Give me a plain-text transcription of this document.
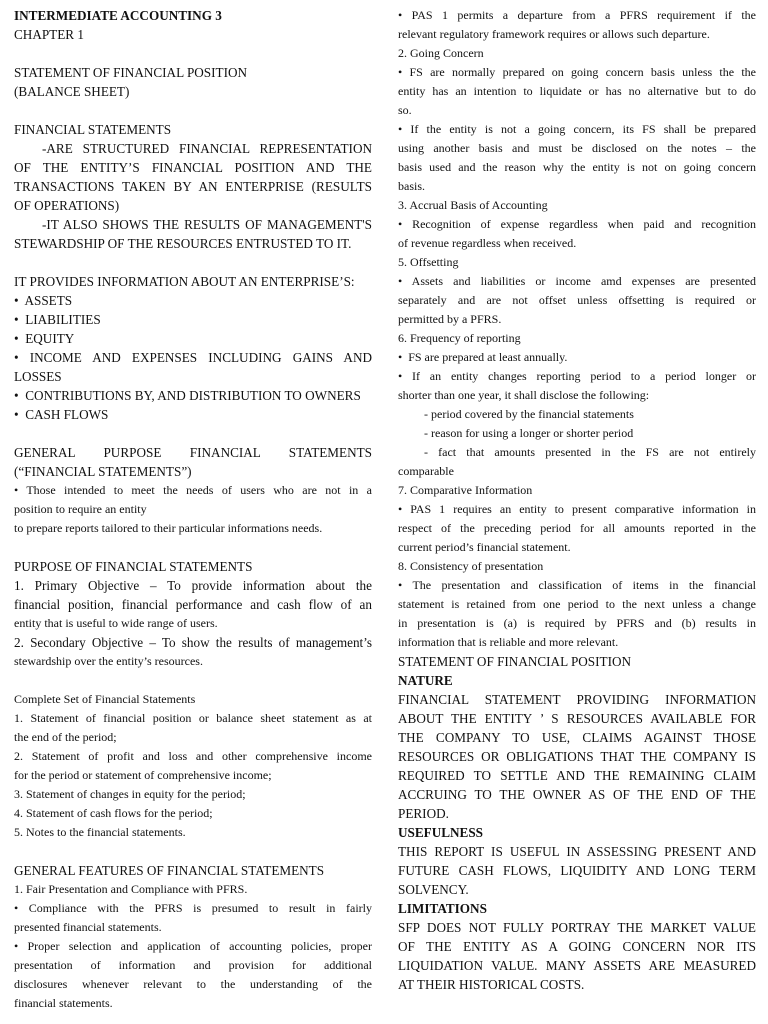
INTERMEDIATE ACCOUNTING 3
CHAPTER 1
STATEMENT OF FINANCIAL POSITION
(BALANCE SHEET)
FINANCIAL STATEMENTS
-ARE STRUCTURED FINANCIAL REPRESENTATION
OF THE ENTITY’S FINANCIAL POSITION AND THE
TRANSACTIONS TAKEN BY AN ENTERPRISE (RESULTS
OF OPERATIONS)
-IT ALSO SHOWS THE RESULTS OF MANAGEMENT'S
STEWARDSHIP OF THE RESOURCES ENTRUSTED TO IT.
IT PROVIDES INFORMATION ABOUT AN ENTERPRISE’S:
•  ASSETS
•  LIABILITIES
•  EQUITY
• INCOME AND EXPENSES INCLUDING GAINS AND
LOSSES
•  CONTRIBUTIONS BY, AND DISTRIBUTION TO OWNERS
•  CASH FLOWS
GENERAL PURPOSE FINANCIAL STATEMENTS
(“FINANCIAL STATEMENTS”)
• Those intended to meet the needs of users who are not in a
position to require an entity
to prepare reports tailored to their particular informations needs.
PURPOSE OF FINANCIAL STATEMENTS
1. Primary Objective – To provide information about the
financial position, financial performance and cash flow of an
entity that is useful to wide range of users.
2. Secondary Objective – To show the results of management’s
stewardship over the entity’s resources.
Complete Set of Financial Statements
1. Statement of financial position or balance sheet statement as at
the end of the period;
2. Statement of profit and loss and other comprehensive income
for the period or statement of comprehensive income;
3. Statement of changes in equity for the period;
4. Statement of cash flows for the period;
5. Notes to the financial statements.
GENERAL FEATURES OF FINANCIAL STATEMENTS
1. Fair Presentation and Compliance with PFRS.
• Compliance with the PFRS is presumed to result in fairly
presented financial statements.
• Proper selection and application of accounting policies, proper
presentation of information and provision for additional
disclosures whenever relevant to the understanding of the
financial statements.
• PAS 1 permits a departure from a PFRS requirement if the
relevant regulatory framework requires or allows such departure.
2. Going Concern
• FS are normally prepared on going concern basis unless the the
entity has an intention to liquidate or has no alternative but to do
so.
• If the entity is not a going concern, its FS shall be prepared
using another basis and must be disclosed on the notes – the
basis used and the reason why the entity is not on going concern
basis.
3. Accrual Basis of Accounting
• Recognition of expense regardless when paid and recognition
of revenue regardless when received.
5. Offsetting
• Assets and liabilities or income amd expenses are presented
separately and are not offset unless offsetting is required or
permitted by a PFRS.
6. Frequency of reporting
•  FS are prepared at least annually.
• If an entity changes reporting period to a period longer or
shorter than one year, it shall disclose the following:
- period covered by the financial statements
- reason for using a longer or shorter period
- fact that amounts presented in the FS are not entirely
comparable
7. Comparative Information
• PAS 1 requires an entity to present comparative information in
respect of the preceding period for all amounts reported in the
current period’s financial statement.
8. Consistency of presentation
• The presentation and classification of items in the financial
statement is retained from one period to the next unless a change
in presentation is (a) is required by PFRS and (b) results in
information that is reliable and more relevant.
STATEMENT OF FINANCIAL POSITION
NATURE
FINANCIAL STATEMENT PROVIDING INFORMATION
ABOUT THE ENTITY ’ S RESOURCES AVAILABLE FOR
THE COMPANY TO USE, CLAIMS AGAINST THOSE
RESOURCES OR OBLIGATIONS THAT THE COMPANY IS
REQUIRED TO SETTLE AND THE REMAINING CLAIM
ACCRUING TO THE OWNER AS OF THE END OF THE
PERIOD.
USEFULNESS
THIS REPORT IS USEFUL IN ASSESSING PRESENT AND
FUTURE CASH FLOWS, LIQUIDITY AND LONG TERM
SOLVENCY.
LIMITATIONS
SFP DOES NOT FULLY PORTRAY THE MARKET VALUE
OF THE ENTITY AS A GOING CONCERN NOR ITS
LIQUIDATION VALUE. MANY ASSETS ARE MEASURED
AT THEIR HISTORICAL COSTS.
